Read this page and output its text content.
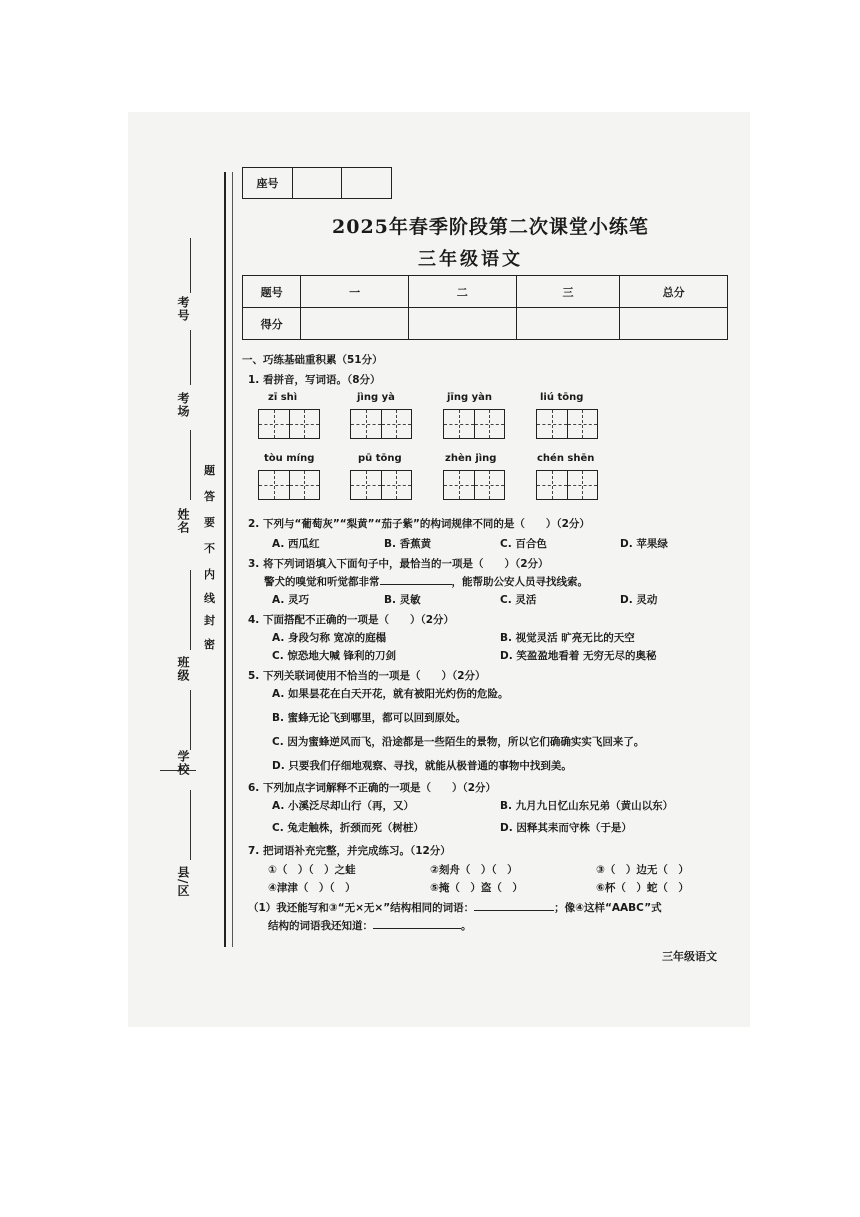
考号
考场
姓名
班级
学校
县/区
密
封
线
内
不
要
答
题
座号		
2025年春季阶段第二次课堂小练笔
三年级语文
题号	一	二	三	总分
得分				
一、巧练基础重积累（51分）
1. 看拼音，写词语。（8分）
zī shì	jìng yà	jīng yàn	liú tōng
tòu míng	pū tōng	zhèn jìng	chén shēn
2. 下列与“葡萄灰”“梨黄”“茄子紫”的构词规律不同的是（　　）（2分）
A. 西瓜红	B. 香蕉黄	C. 百合色	D. 苹果绿
3. 将下列词语填入下面句子中，最恰当的一项是（　　）（2分）
警犬的嗅觉和听觉都非常	，能帮助公安人员寻找线索。
A. 灵巧	B. 灵敏	C. 灵活	D. 灵动
4. 下面搭配不正确的一项是（　　）（2分）
A. 身段匀称 宽凉的庭榻	B. 视觉灵活 旷亮无比的天空
C. 惊恐地大喊 锋利的刀剑	D. 笑盈盈地看着 无穷无尽的奥秘
5. 下列关联词使用不恰当的一项是（　　）（2分）
A. 如果昙花在白天开花，就有被阳光灼伤的危险。
B. 蜜蜂无论飞到哪里，都可以回到原处。
C. 因为蜜蜂逆风而飞，沿途都是一些陌生的景物，所以它们确确实实飞回来了。
D. 只要我们仔细地观察、寻找，就能从极普通的事物中找到美。
6. 下列加点字词解释不正确的一项是（　　）（2分）
A. 小溪泛尽却山行（再，又）	B. 九月九日忆山东兄弟（黄山以东）
C. 兔走触株，折颈而死（树桩）	D. 因释其耒而守株（于是）
7. 把词语补充完整，并完成练习。（12分）
①（　）（　）之蛙	②刻舟（　）（　）	③（　）边无（　）
④津津（　）（　）	⑤掩（　）盗（　）	⑥杯（　）蛇（　）
（1）我还能写和③“无×无×”结构相同的词语：	；像④这样“AABC”式
结构的词语我还知道：	。
三年级语文
